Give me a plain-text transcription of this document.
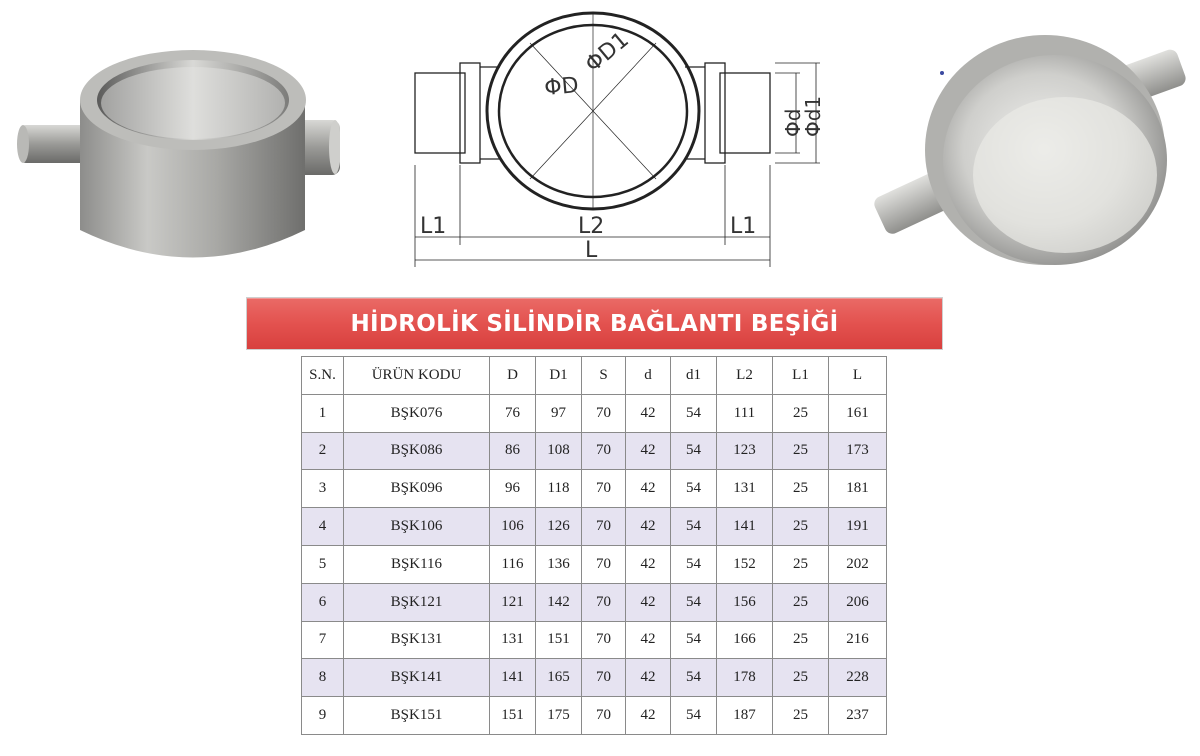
ΦD
ΦD1
Φd
Φd1
L1	L2	L1
L
HİDROLİK SİLİNDİR BAĞLANTI BEŞİĞİ
S.N.	ÜRÜN KODU	D	D1	S	d	d1	L2	L1	L
1	BŞK076	76	97	70	42	54	111	25	161
2	BŞK086	86	108	70	42	54	123	25	173
3	BŞK096	96	118	70	42	54	131	25	181
4	BŞK106	106	126	70	42	54	141	25	191
5	BŞK116	116	136	70	42	54	152	25	202
6	BŞK121	121	142	70	42	54	156	25	206
7	BŞK131	131	151	70	42	54	166	25	216
8	BŞK141	141	165	70	42	54	178	25	228
9	BŞK151	151	175	70	42	54	187	25	237
